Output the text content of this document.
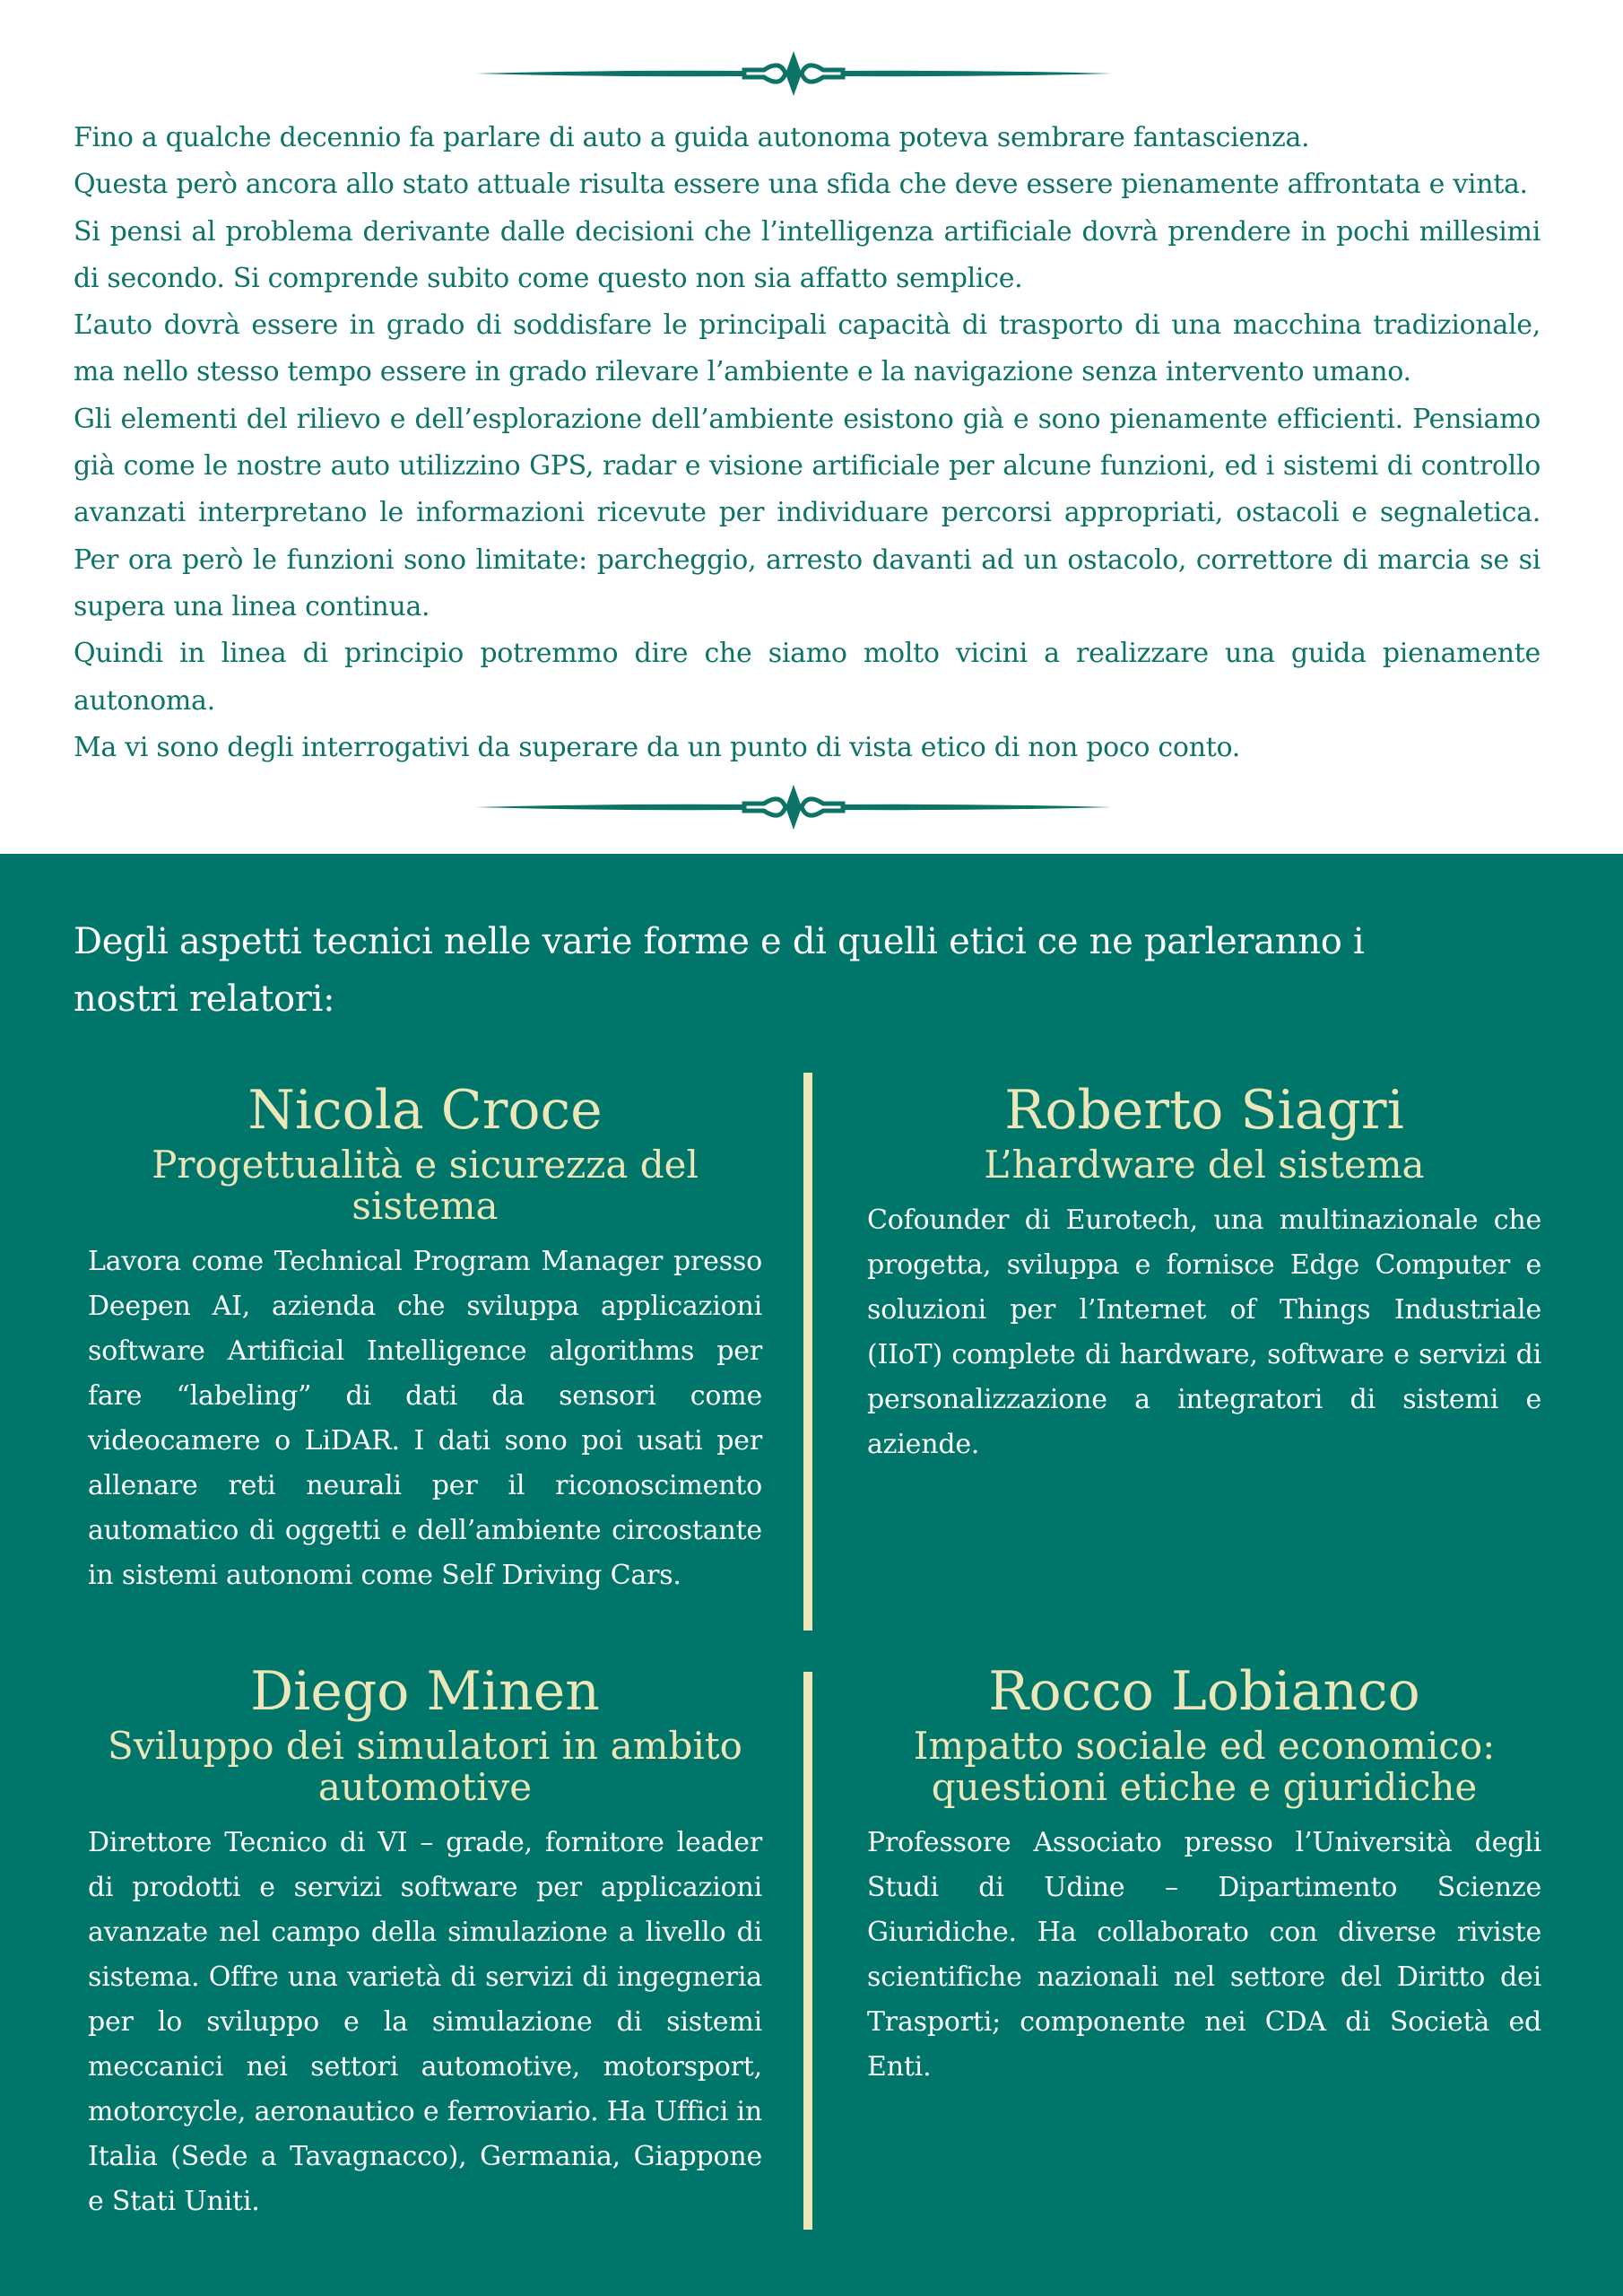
Fino a qualche decennio fa parlare di auto a guida autonoma poteva sembrare fantascienza.

Questa però ancora allo stato attuale risulta essere una sfida che deve essere pienamente affrontata e vinta.

Si pensi al problema derivante dalle decisioni che l’intelligenza artificiale dovrà prendere in pochi millesimi di secondo. Si comprende subito come questo non sia affatto semplice.

L’auto dovrà essere in grado di soddisfare le principali capacità di trasporto di una macchina tradizionale, ma nello stesso tempo essere in grado rilevare l’ambiente e la navigazione senza intervento umano.

Gli elementi del rilievo e dell’esplorazione dell’ambiente esistono già e sono pienamente efficienti. Pensiamo già come le nostre auto utilizzino GPS, radar e visione artificiale per alcune funzioni, ed i sistemi di controllo avanzati interpretano le informazioni ricevute per individuare percorsi appropriati, ostacoli e segnaletica. Per ora però le funzioni sono limitate: parcheggio, arresto davanti ad un ostacolo, correttore di marcia se si supera una linea continua.

Quindi in linea di principio potremmo dire che siamo molto vicini a realizzare una guida pienamente autonoma.

Ma vi sono degli interrogativi da superare da un punto di vista etico di non poco conto.

Degli aspetti tecnici nelle varie forme e di quelli etici ce ne parleranno i nostri relatori:
Nicola Croce
Progettualità e sicurezza del sistema
Lavora come Technical Program Manager presso Deepen AI, azienda che sviluppa applicazioni software Artificial Intelligence algorithms per fare “labeling” di dati da sensori come videocamere o LiDAR. I dati sono poi usati per allenare reti neurali per il riconoscimento automatico di oggetti e dell’ambiente circostante in sistemi autonomi come Self Driving Cars.
Roberto Siagri
L’hardware del sistema
Cofounder di Eurotech, una multinazionale che progetta, sviluppa e fornisce Edge Computer e soluzioni per l’Internet of Things Industriale (IIoT) complete di hardware, software e servizi di personalizzazione a integratori di sistemi e aziende.
Diego Minen
Sviluppo dei simulatori in ambito automotive
Direttore Tecnico di VI – grade, fornitore leader di prodotti e servizi software per applicazioni avanzate nel campo della simulazione a livello di sistema. Offre una varietà di servizi di ingegneria per lo sviluppo e la simulazione di sistemi meccanici nei settori automotive, motorsport, motorcycle, aeronautico e ferroviario. Ha Uffici in Italia (Sede a Tavagnacco), Germania, Giappone e Stati Uniti.
Rocco Lobianco
Impatto sociale ed economico: questioni etiche e giuridiche
Professore Associato presso l’Università degli Studi di Udine – Dipartimento Scienze Giuridiche. Ha collaborato con diverse riviste scientifiche nazionali nel settore del Diritto dei Trasporti; componente nei CDA di Società ed Enti.
